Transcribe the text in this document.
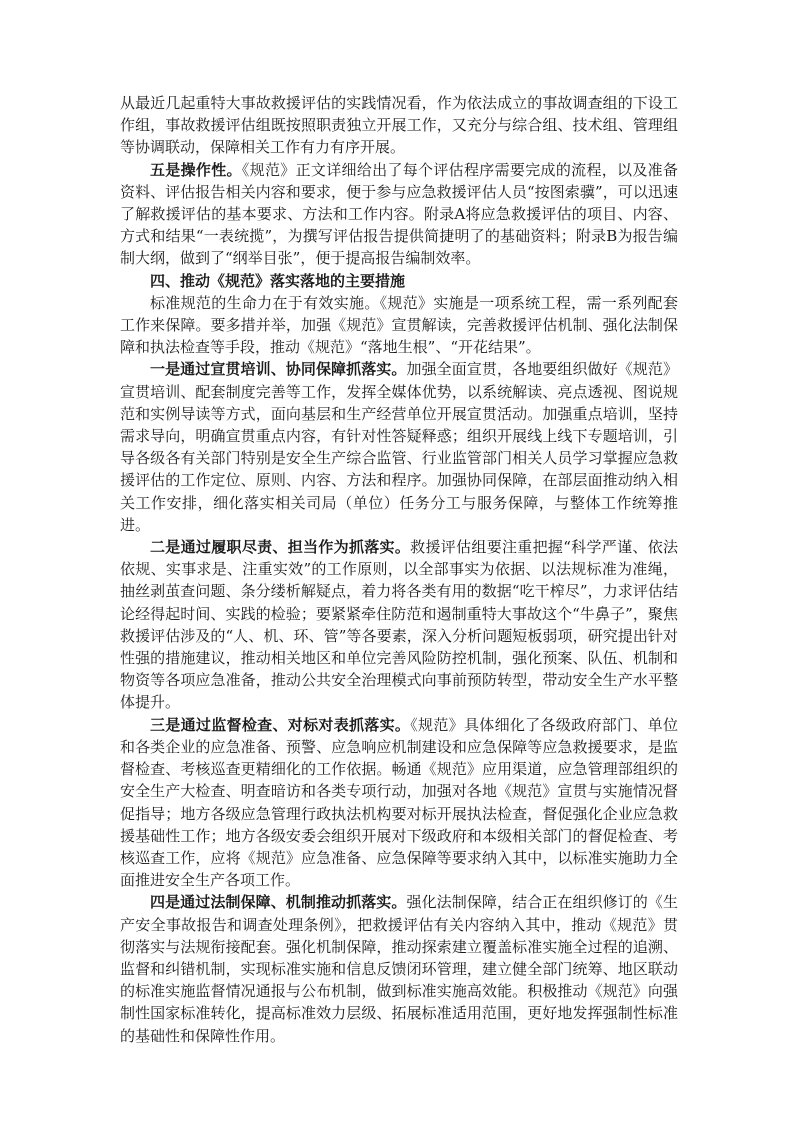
从最近几起重特大事故救援评估的实践情况看，作为依法成立的事故调查组的下设工作组，事故救援评估组既按照职责独立开展工作，又充分与综合组、技术组、管理组等协调联动，保障相关工作有力有序开展。

五是操作性。《规范》正文详细给出了每个评估程序需要完成的流程，以及准备资料、评估报告相关内容和要求，便于参与应急救援评估人员“按图索骥”，可以迅速了解救援评估的基本要求、方法和工作内容。附录A将应急救援评估的项目、内容、方式和结果“一表统揽”，为撰写评估报告提供简捷明了的基础资料；附录B为报告编制大纲，做到了“纲举目张”，便于提高报告编制效率。

四、推动《规范》落实落地的主要措施

标准规范的生命力在于有效实施。《规范》实施是一项系统工程，需一系列配套工作来保障。要多措并举，加强《规范》宣贯解读，完善救援评估机制、强化法制保障和执法检查等手段，推动《规范》“落地生根”、“开花结果”。

一是通过宣贯培训、协同保障抓落实。加强全面宣贯，各地要组织做好《规范》宣贯培训、配套制度完善等工作，发挥全媒体优势，以系统解读、亮点透视、图说规范和实例导读等方式，面向基层和生产经营单位开展宣贯活动。加强重点培训，坚持需求导向，明确宣贯重点内容，有针对性答疑释惑；组织开展线上线下专题培训，引导各级各有关部门特别是安全生产综合监管、行业监管部门相关人员学习掌握应急救援评估的工作定位、原则、内容、方法和程序。加强协同保障，在部层面推动纳入相关工作安排，细化落实相关司局（单位）任务分工与服务保障，与整体工作统筹推进。

二是通过履职尽责、担当作为抓落实。救援评估组要注重把握“科学严谨、依法依规、实事求是、注重实效”的工作原则，以全部事实为依据、以法规标准为准绳，抽丝剥茧查问题、条分缕析解疑点，着力将各类有用的数据“吃干榨尽”，力求评估结论经得起时间、实践的检验；要紧紧牵住防范和遏制重特大事故这个“牛鼻子”，聚焦救援评估涉及的“人、机、环、管”等各要素，深入分析问题短板弱项，研究提出针对性强的措施建议，推动相关地区和单位完善风险防控机制，强化预案、队伍、机制和物资等各项应急准备，推动公共安全治理模式向事前预防转型，带动安全生产水平整体提升。

三是通过监督检查、对标对表抓落实。《规范》具体细化了各级政府部门、单位和各类企业的应急准备、预警、应急响应机制建设和应急保障等应急救援要求，是监督检查、考核巡查更精细化的工作依据。畅通《规范》应用渠道，应急管理部组织的安全生产大检查、明查暗访和各类专项行动，加强对各地《规范》宣贯与实施情况督促指导；地方各级应急管理行政执法机构要对标开展执法检查，督促强化企业应急救援基础性工作；地方各级安委会组织开展对下级政府和本级相关部门的督促检查、考核巡查工作，应将《规范》应急准备、应急保障等要求纳入其中，以标准实施助力全面推进安全生产各项工作。

四是通过法制保障、机制推动抓落实。强化法制保障，结合正在组织修订的《生产安全事故报告和调查处理条例》，把救援评估有关内容纳入其中，推动《规范》贯彻落实与法规衔接配套。强化机制保障，推动探索建立覆盖标准实施全过程的追溯、监督和纠错机制，实现标准实施和信息反馈闭环管理，建立健全部门统筹、地区联动的标准实施监督情况通报与公布机制，做到标准实施高效能。积极推动《规范》向强制性国家标准转化，提高标准效力层级、拓展标准适用范围，更好地发挥强制性标准的基础性和保障性作用。
